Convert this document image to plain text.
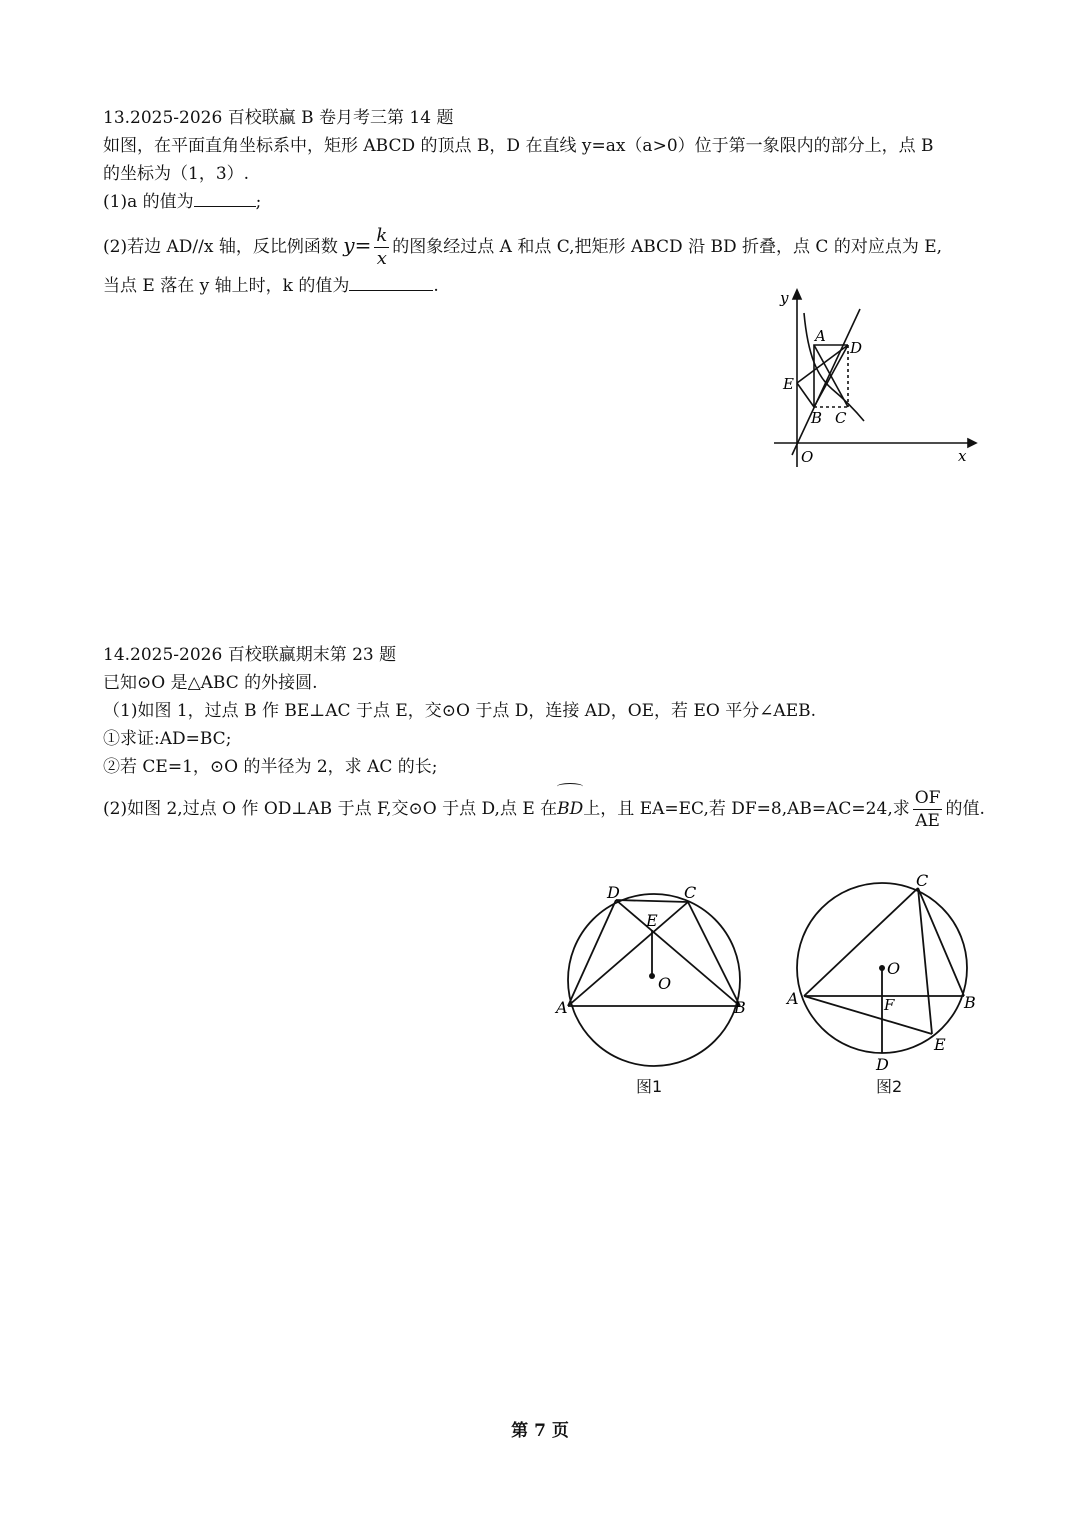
13.2025-2026 百校联赢 B 卷月考三第 14 题
如图，在平面直角坐标系中，矩形 ABCD 的顶点 B，D 在直线 y=ax（a>0）位于第一象限内的部分上，点 B
的坐标为（1，3）.
(1)a 的值为	;
(2)若边 AD//x 轴，反比例函数 $y= \frac{k}{x}$ 的图象经过点 A 和点 C,把矩形 ABCD 沿 BD 折叠，点 C 的对应点为 E,
当点 E 落在 y 轴上时，k 的值为	.
y
x
O
A
D
E
B C
14.2025-2026 百校联赢期末第 23 题
已知⊙O 是△ABC 的外接圆.
（1)如图 1，过点 B 作 BE⊥AC 于点 E，交⊙O 于点 D，连接 AD，OE，若 EO 平分∠AEB.
①求证:AD=BC;
②若 CE=1，⊙O 的半径为 2，求 AC 的长;
(2)如图 2,过点 O 作 OD⊥AB 于点 F,交⊙O 于点 D,点 E 在BD上，且 EA=EC,若 DF=8,AB=AC=24,求 $\frac{OF}{AE}$ 的值.
D	C
E
O
A	B
图1
C
O
A	F	B
E
D
图2
第 7 页
